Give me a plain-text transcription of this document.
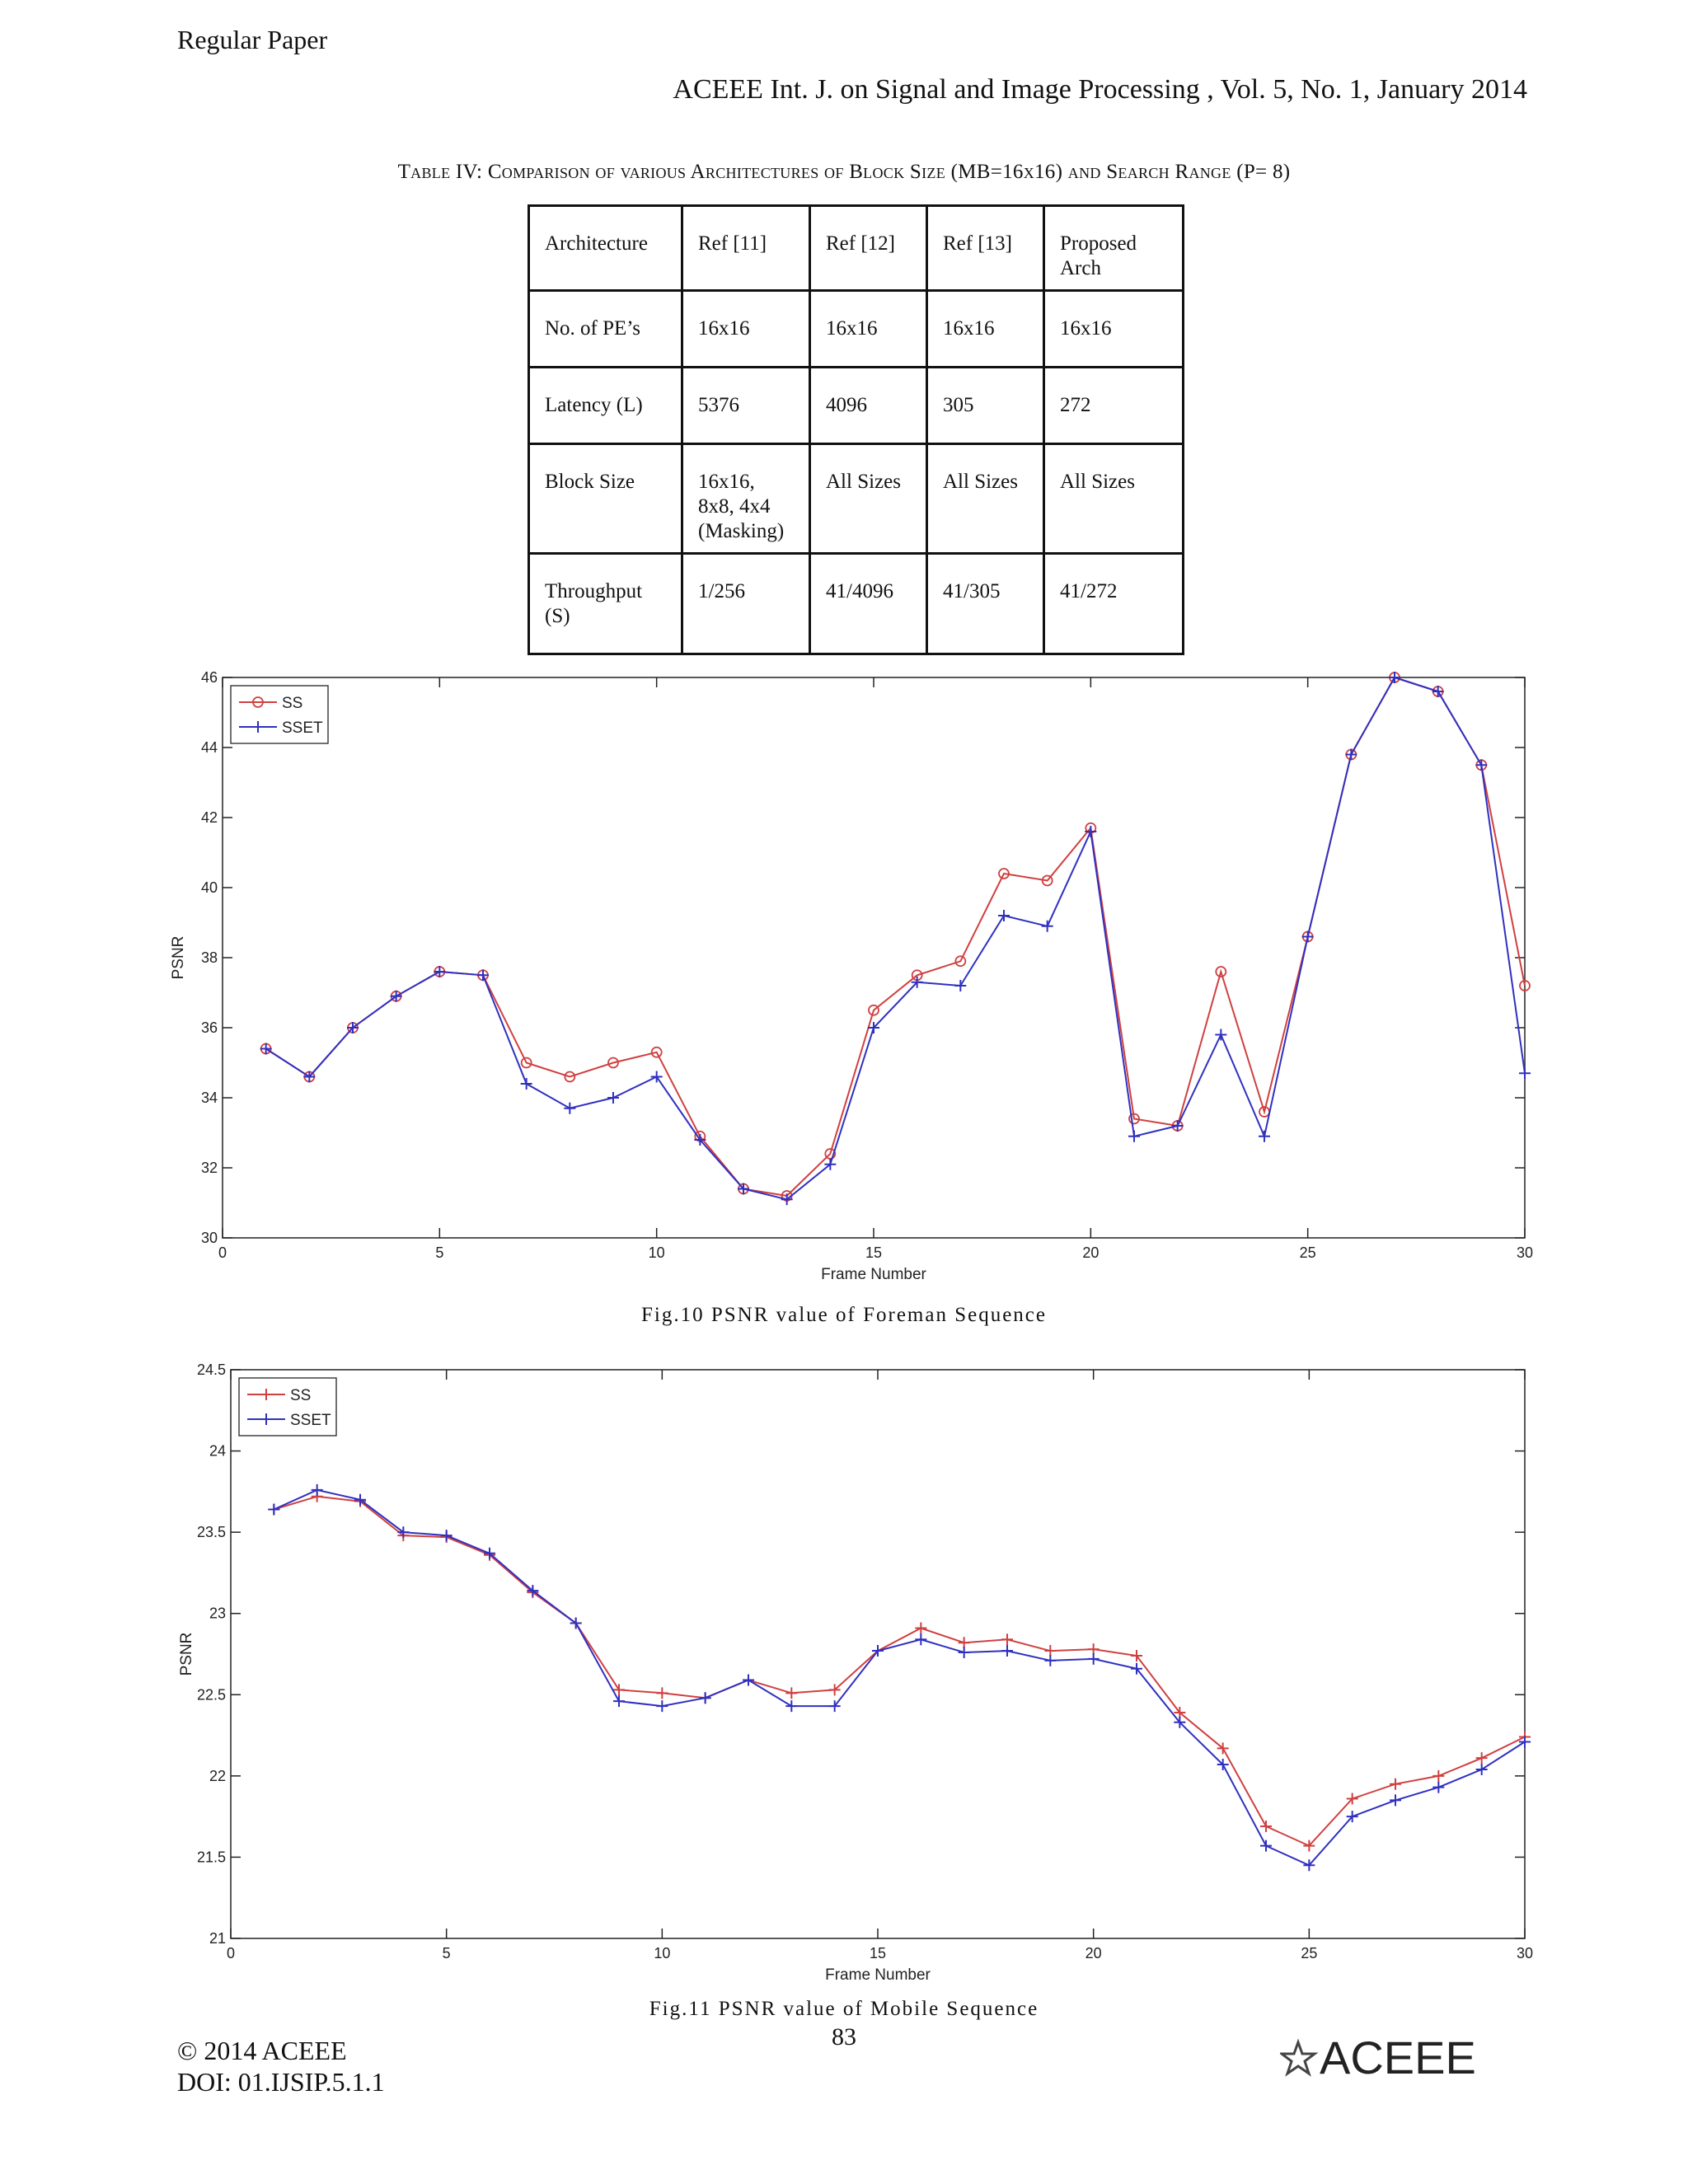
Regular Paper
ACEEE Int. J. on Signal and Image Processing , Vol. 5, No. 1, January 2014
Table IV: Comparison of various Architectures of Block Size (MB=16x16) and Search Range (P= 8)
Architecture	Ref [11]	Ref [12]	Ref [13]	Proposed Arch
No. of PE’s	16x16	16x16	16x16	16x16
Latency (L)	5376	4096	305	272
Block Size	16x16, 8x8, 4x4 (Masking)	All Sizes	All Sizes	All Sizes
Throughput (S)	1/256	41/4096	41/305	41/272
0	5	10	15	20	25	30
30
32
34
36
38
40
42
44
46
Frame Number
PSNR
SS
SSET
Fig.10 PSNR value of Foreman Sequence
0	5	10	15	20	25	30
21
21.5
22
22.5
23
23.5
24
24.5
Frame Number
PSNR
SS
SSET
Fig.11 PSNR value of Mobile Sequence
83
© 2014 ACEEE
DOI: 01.IJSIP.5.1.1	ACEEE
